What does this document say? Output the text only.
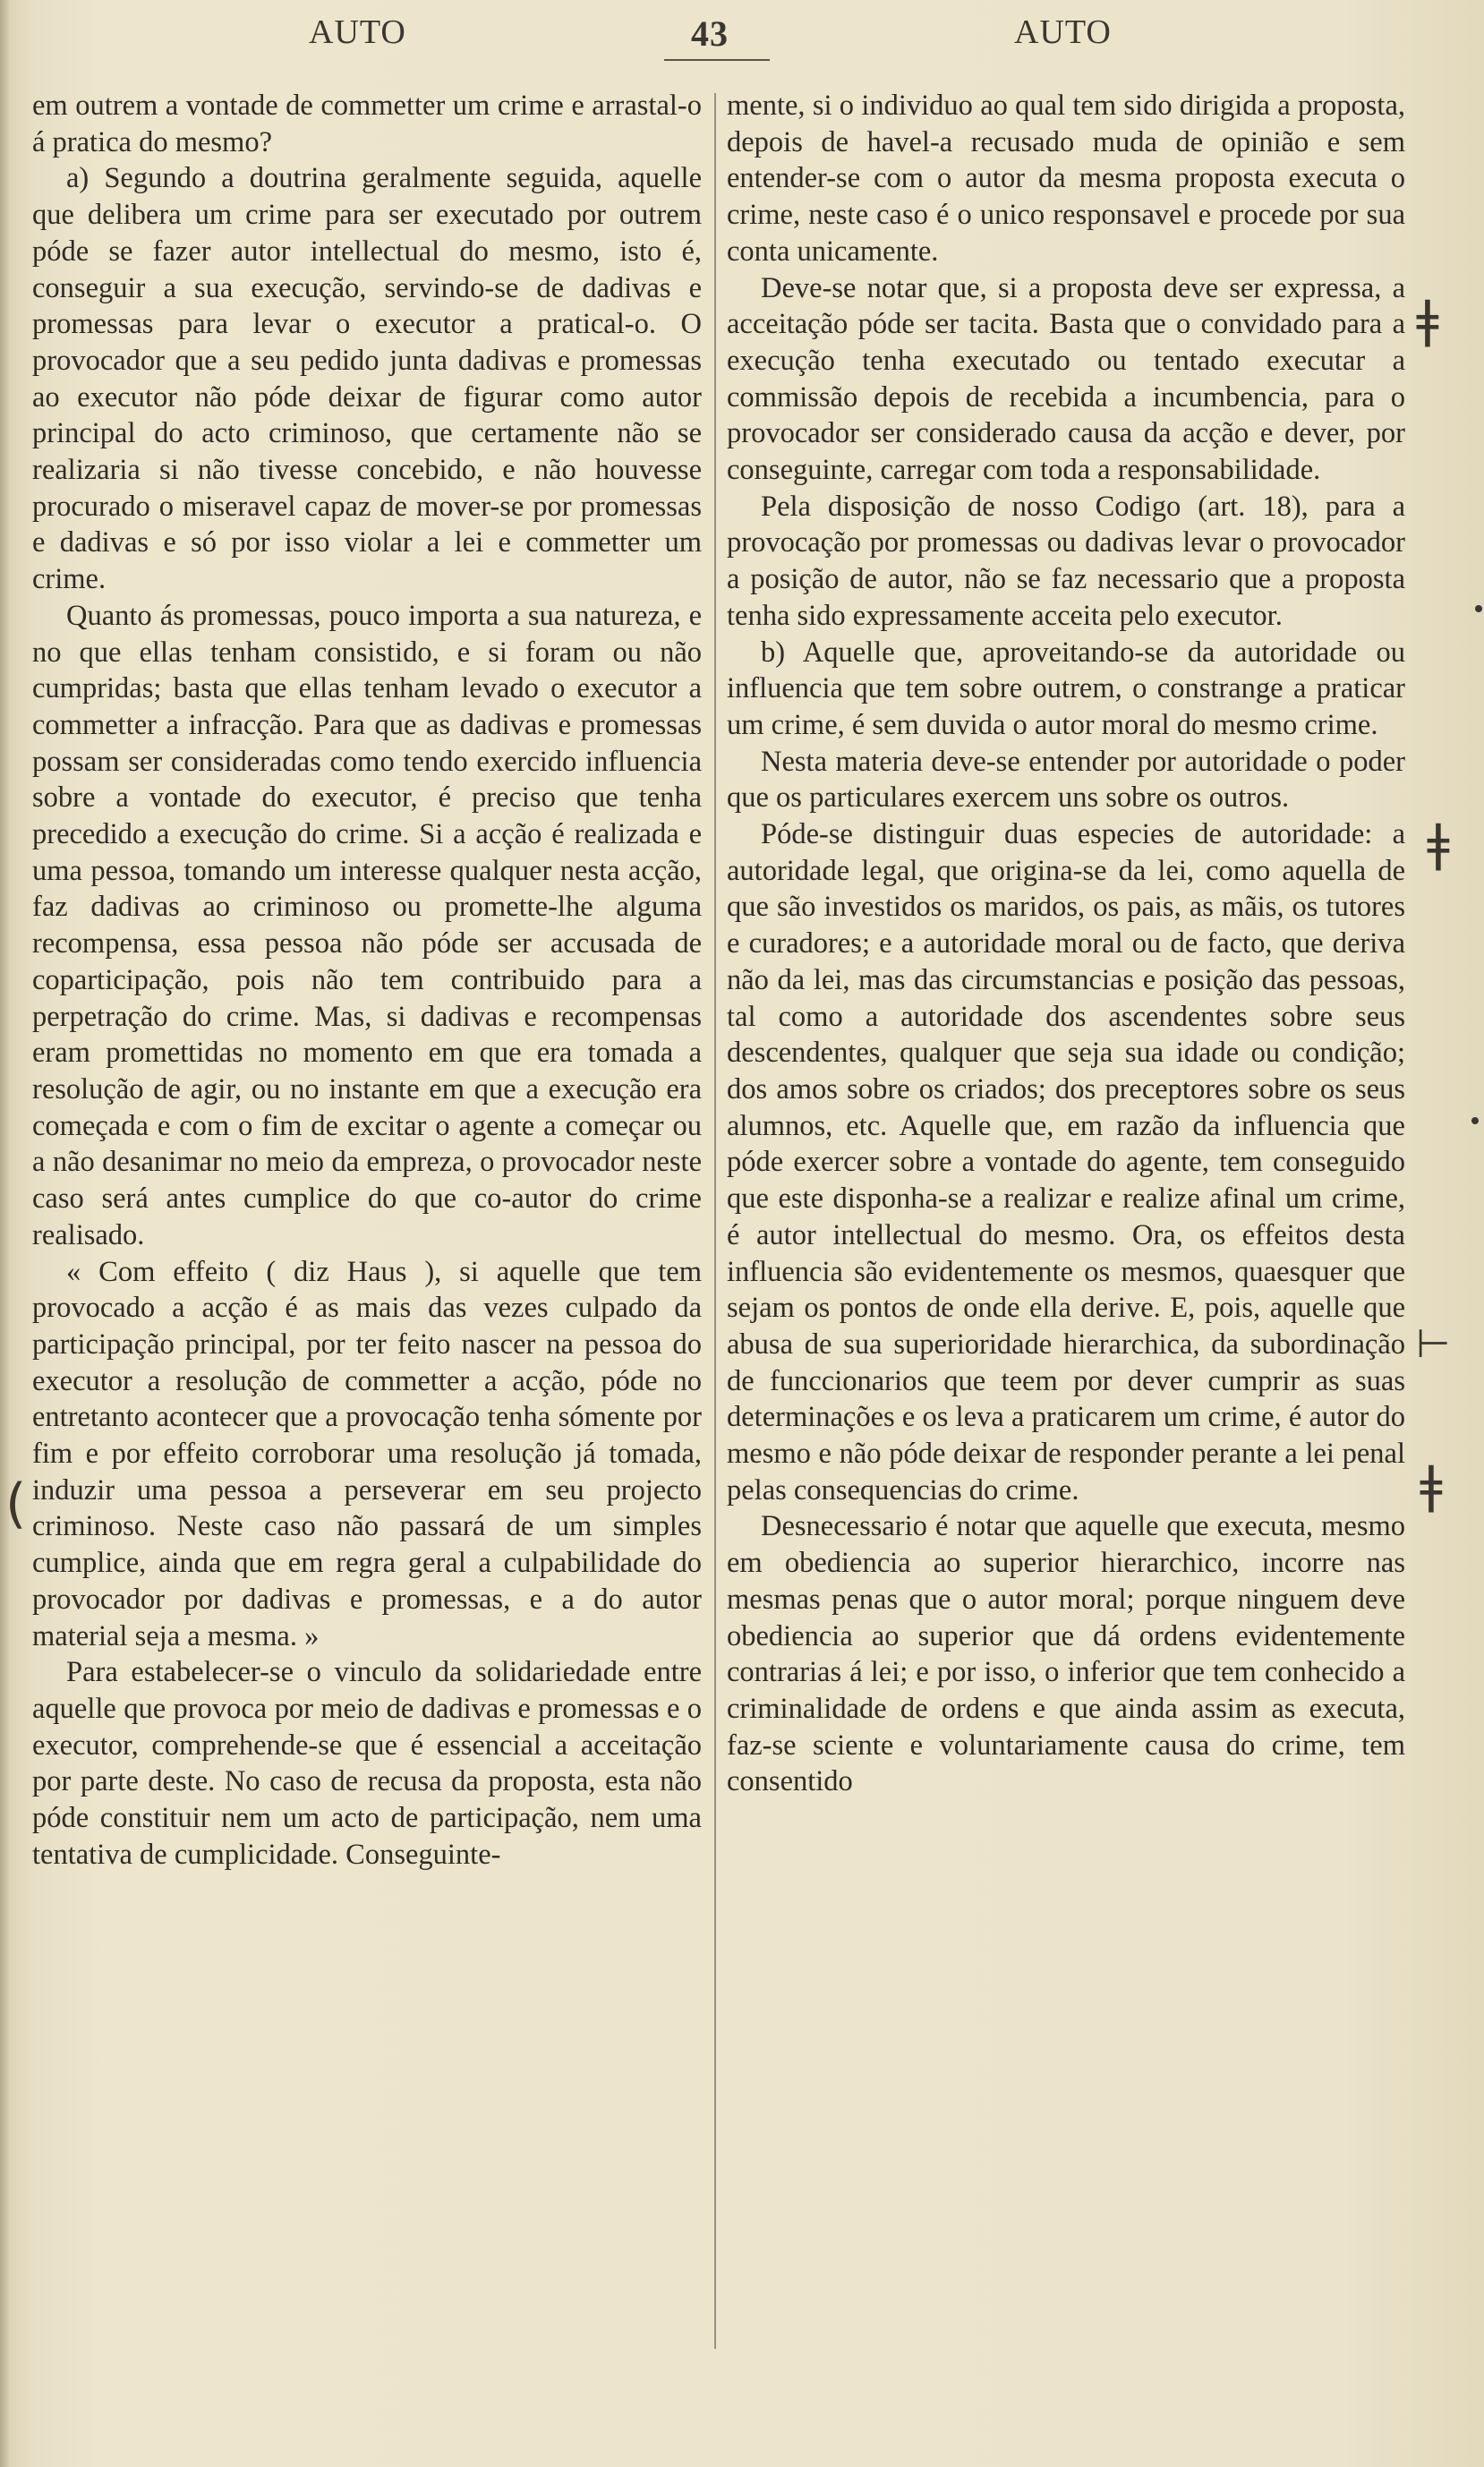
AUTO	43	AUTO

em outrem a vontade de commetter um crime e arrastal-o á pratica do mesmo?

a) Segundo a doutrina geralmente seguida, aquelle que delibera um crime para ser executado por outrem póde se fazer autor intellectual do mesmo, isto é, conseguir a sua execução, servindo-se de dadivas e promessas para levar o executor a pratical-o. O provocador que a seu pedido junta dadivas e promessas ao executor não póde deixar de figurar como autor principal do acto criminoso, que certamente não se realizaria si não tivesse concebido, e não houvesse procurado o miseravel capaz de mover-se por promessas e dadivas e só por isso violar a lei e commetter um crime.

Quanto ás promessas, pouco importa a sua natureza, e no que ellas tenham consistido, e si foram ou não cumpridas; basta que ellas tenham levado o executor a commetter a infracção. Para que as dadivas e promessas possam ser consideradas como tendo exercido influencia sobre a vontade do executor, é preciso que tenha precedido a execução do crime. Si a acção é realizada e uma pessoa, tomando um interesse qualquer nesta acção, faz dadivas ao criminoso ou promette-lhe alguma recompensa, essa pessoa não póde ser accusada de coparticipação, pois não tem contribuido para a perpetração do crime. Mas, si dadivas e recompensas eram promettidas no momento em que era tomada a resolução de agir, ou no instante em que a execução era começada e com o fim de excitar o agente a começar ou a não desanimar no meio da empreza, o provocador neste caso será antes cumplice do que co-autor do crime realisado.

« Com effeito ( diz Haus ), si aquelle que tem provocado a acção é as mais das vezes culpado da participação principal, por ter feito nascer na pessoa do executor a resolução de commetter a acção, póde no entretanto acontecer que a provocação tenha sómente por fim e por effeito corroborar uma resolução já tomada, induzir uma pessoa a perseverar em seu projecto criminoso. Neste caso não passará de um simples cumplice, ainda que em regra geral a culpabilidade do provocador por dadivas e promessas, e a do autor material seja a mesma. »

Para estabelecer-se o vinculo da solidariedade entre aquelle que provoca por meio de dadivas e promessas e o executor, comprehende-se que é essencial a acceitação por parte deste. No caso de recusa da proposta, esta não póde constituir nem um acto de participação, nem uma tentativa de cumplicidade. Conseguinte-

mente, si o individuo ao qual tem sido dirigida a proposta, depois de havel-a recusado muda de opinião e sem entender-se com o autor da mesma proposta executa o crime, neste caso é o unico responsavel e procede por sua conta unicamente.

Deve-se notar que, si a proposta deve ser expressa, a acceitação póde ser tacita. Basta que o convidado para a execução tenha executado ou tentado executar a commissão depois de recebida a incumbencia, para o provocador ser considerado causa da acção e dever, por conseguinte, carregar com toda a responsabilidade.

Pela disposição de nosso Codigo (art. 18), para a provocação por promessas ou dadivas levar o provocador a posição de autor, não se faz necessario que a proposta tenha sido expressamente acceita pelo executor.

b) Aquelle que, aproveitando-se da autoridade ou influencia que tem sobre outrem, o constrange a praticar um crime, é sem duvida o autor moral do mesmo crime.

Nesta materia deve-se entender por autoridade o poder que os particulares exercem uns sobre os outros.

Póde-se distinguir duas especies de autoridade: a autoridade legal, que origina-se da lei, como aquella de que são investidos os maridos, os pais, as mãis, os tutores e curadores; e a autoridade moral ou de facto, que deriva não da lei, mas das circumstancias e posição das pessoas, tal como a autoridade dos ascendentes sobre seus descendentes, qualquer que seja sua idade ou condição; dos amos sobre os criados; dos preceptores sobre os seus alumnos, etc. Aquelle que, em razão da influencia que póde exercer sobre a vontade do agente, tem conseguido que este disponha-se a realizar e realize afinal um crime, é autor intellectual do mesmo. Ora, os effeitos desta influencia são evidentemente os mesmos, quaesquer que sejam os pontos de onde ella derive. E, pois, aquelle que abusa de sua superioridade hierarchica, da subordinação de funccionarios que teem por dever cumprir as suas determinações e os leva a praticarem um crime, é autor do mesmo e não póde deixar de responder perante a lei penal pelas consequencias do crime.

Desnecessario é notar que aquelle que executa, mesmo em obediencia ao superior hierarchico, incorre nas mesmas penas que o autor moral; porque ninguem deve obediencia ao superior que dá ordens evidentemente contrarias á lei; e por isso, o inferior que tem conhecido a criminalidade de ordens e que ainda assim as executa, faz-se sciente e voluntariamente causa do crime, tem consentido

ǂ
ǂ
⊢
ǂ
(
